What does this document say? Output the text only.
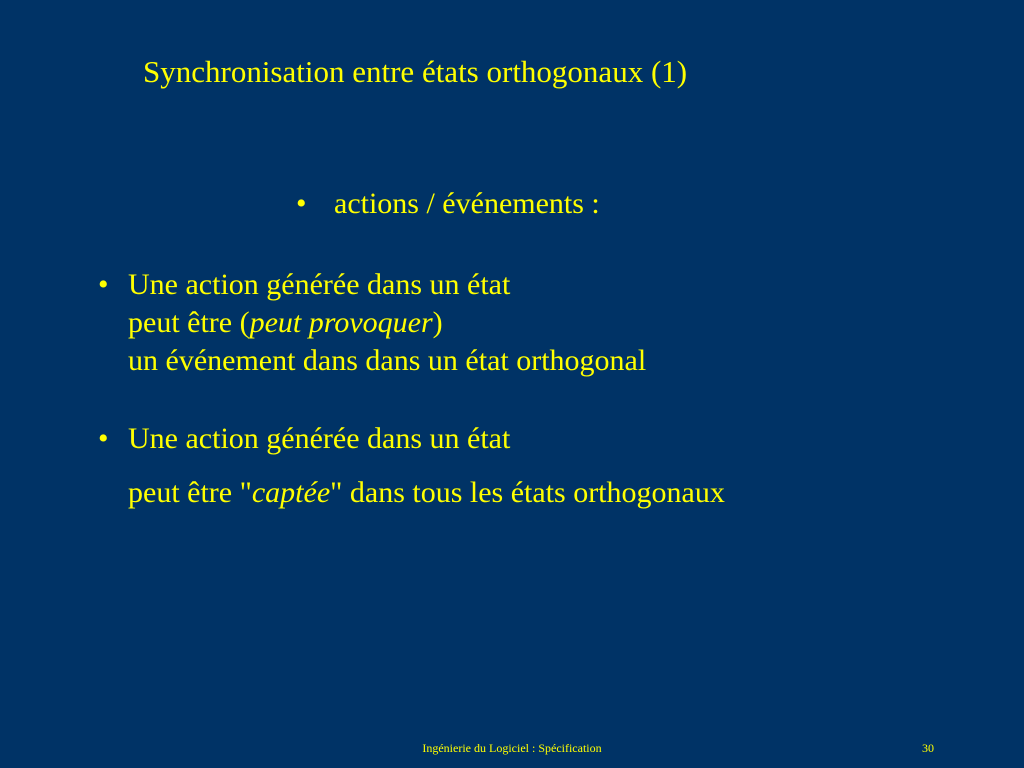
Synchronisation entre états orthogonaux (1)
• actions / événements :
• Une action générée dans un état
peut être (peut provoquer)
un événement dans dans un état orthogonal
• Une action générée dans un état
peut être "captée" dans tous les états orthogonaux
Ingénierie du Logiciel : Spécification	30
